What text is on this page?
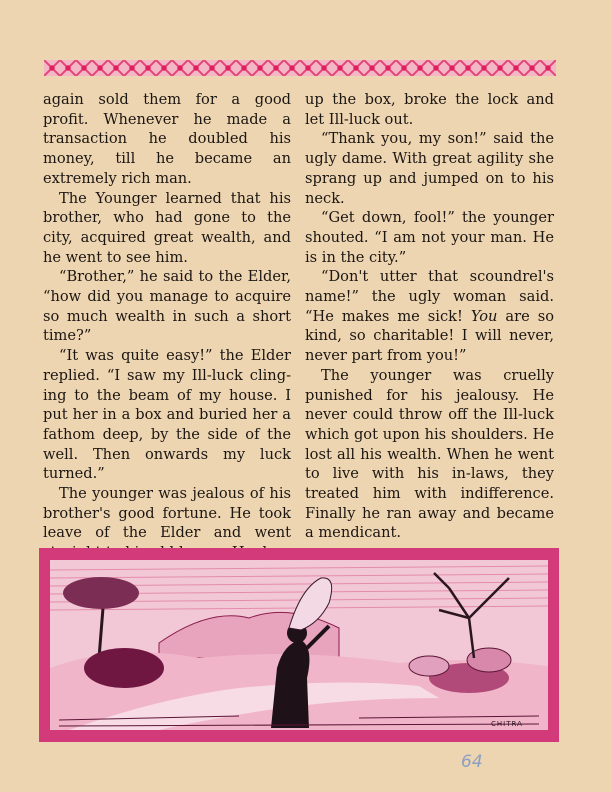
again sold them for a good profit. Whenever he made a transaction he doubled his money, till he became an extremely rich man.

The Younger learned that his brother, who had gone to the city, acquired great wealth, and he went to see him.

“Brother,” he said to the Elder, “how did you manage to acquire so much wealth in such a short time?”

“It was quite easy!” the Elder replied. “I saw my Ill-luck clinging to the beam of my house. I put her in a box and buried her a fathom deep, by the side of the well. Then onwards my luck turned.”

The younger was jealous of his brother's good fortune. He took leave of the Elder and went

up the box, broke the lock and let Ill-luck out.

“Thank you, my son!” said the ugly dame. With great agility she sprang up and jumped on to his neck.

“Get down, fool!” the younger shouted. “I am not your man. He is in the city.”

“Don't utter that scoundrel's name!” the ugly woman said. “He makes me sick! You are so kind, so charitable! I will never, never part from you!”

The younger was cruelly punished for his jealousy. He never could throw off the Ill-luck which got upon his shoulders. He lost all his wealth. When he went to live with his in-laws, they treated him with indifference. Finally he ran away and became a mendicant.

CHITRA
64
